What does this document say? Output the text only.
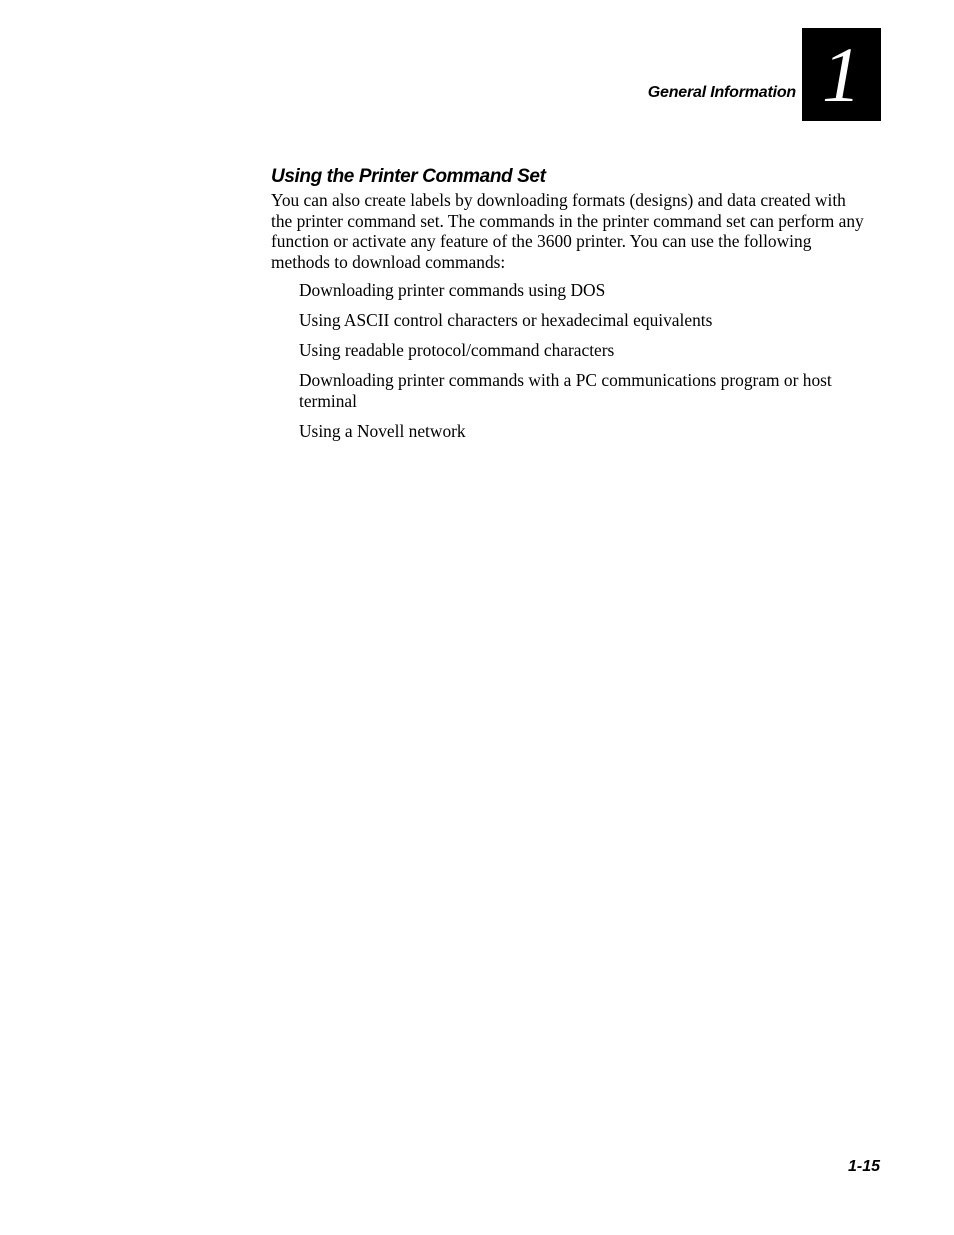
General Information 1
Using the Printer Command Set

You can also create labels by downloading formats (designs) and data created with the printer command set. The commands in the printer command set can perform any function or activate any feature of the 3600 printer. You can use the following methods to download commands:

Downloading printer commands using DOS
Using ASCII control characters or hexadecimal equivalents
Using readable protocol/command characters
Downloading printer commands with a PC communications program or host terminal
Using a Novell network
1-15
